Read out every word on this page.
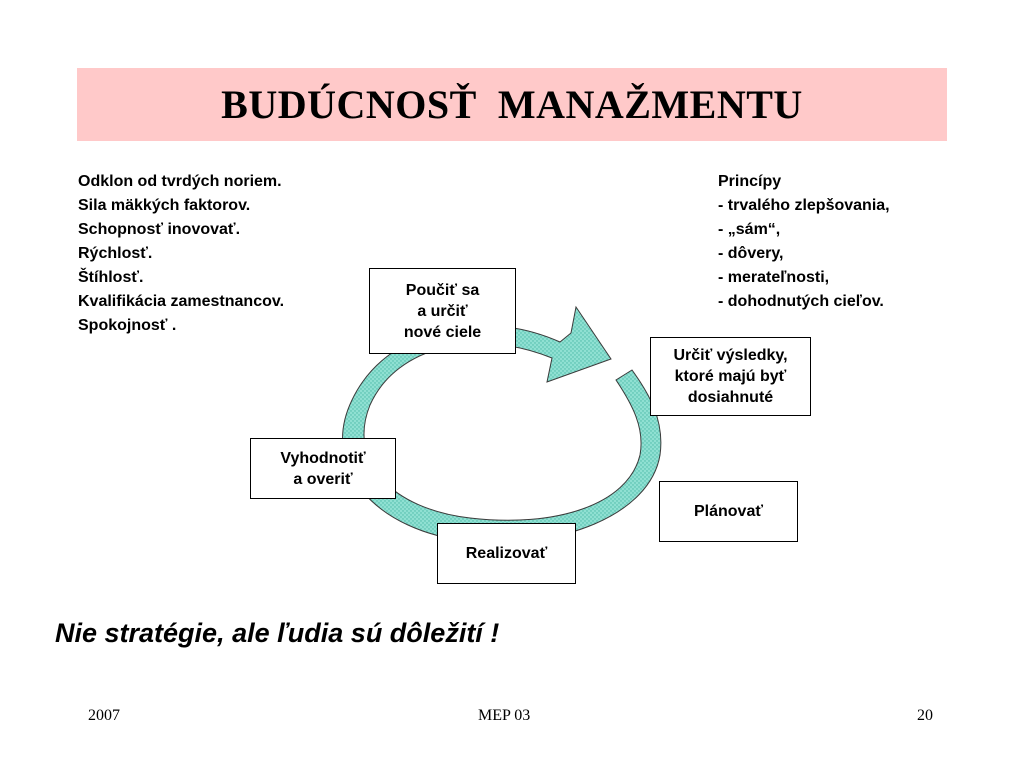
BUDÚCNOSŤ  MANAŽMENTU
Odklon od tvrdých noriem.
Sila mäkkých faktorov.
Schopnosť inovovať.
Rýchlosť.
Štíhlosť.
Kvalifikácia zamestnancov.
Spokojnosť .
Princípy
- trvalého zlepšovania,
- „sám“,
- dôvery,
- merateľnosti,
- dohodnutých cieľov.
Poučiť sa
a určiť
nové ciele
Určiť výsledky,
ktoré majú byť
dosiahnuté
Vyhodnotiť
a overiť
Plánovať
Realizovať
Nie stratégie, ale ľudia sú dôležití !
2007	MEP 03	20
